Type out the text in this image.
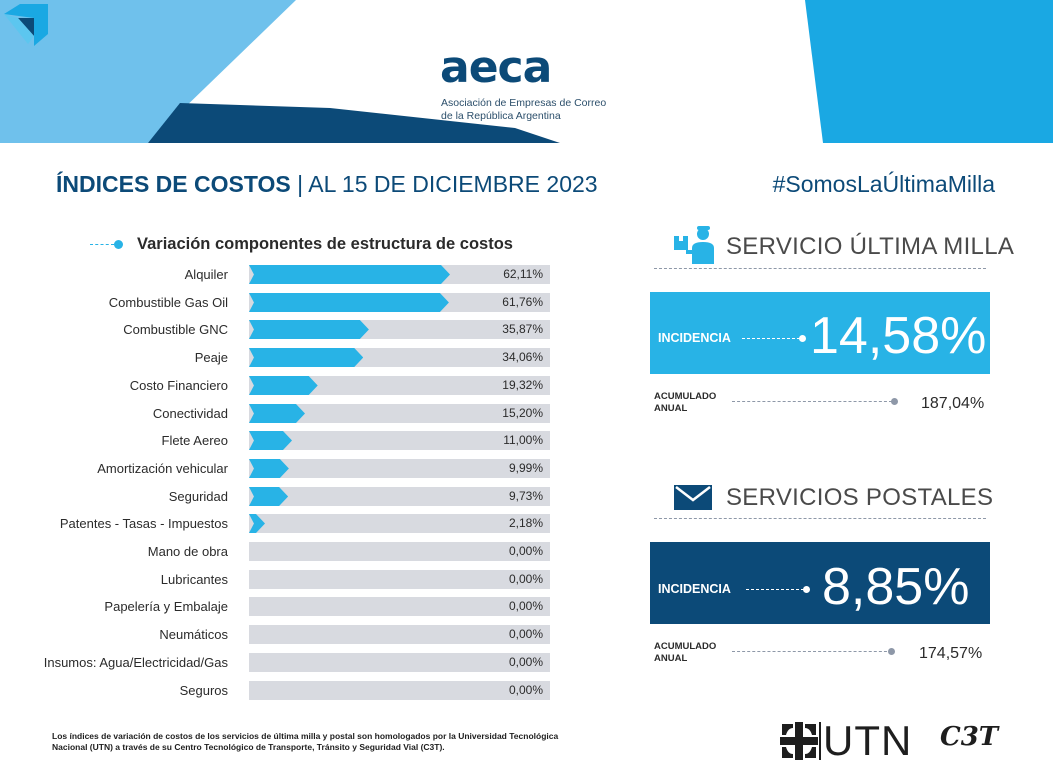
aeca
Asociación de Empresas de Correo
de la República Argentina
ÍNDICES DE COSTOS | AL 15 DE DICIEMBRE 2023	#SomosLaÚltimaMilla
Variación componentes de estructura de costos
Alquiler	62,11%
Combustible Gas Oil	61,76%
Combustible GNC	35,87%
Peaje	34,06%
Costo Financiero	19,32%
Conectividad	15,20%
Flete Aereo	11,00%
Amortización vehicular	9,99%
Seguridad	9,73%
Patentes - Tasas - Impuestos	2,18%
Mano de obra	0,00%
Lubricantes	0,00%
Papelería y Embalaje	0,00%
Neumáticos	0,00%
Insumos: Agua/Electricidad/Gas	0,00%
Seguros	0,00%
SERVICIO ÚLTIMA MILLA
INCIDENCIA 14,58%
ACUMULADO
ANUAL	187,04%
SERVICIOS POSTALES
INCIDENCIA 8,85%
ACUMULADO
ANUAL	174,57%
Los índices de variación de costos de los servicios de última milla y postal son homologados por la Universidad Tecnológica Nacional (UTN) a través de su Centro Tecnológico de Transporte, Tránsito y Seguridad Vial (C3T).	UTN C3T
